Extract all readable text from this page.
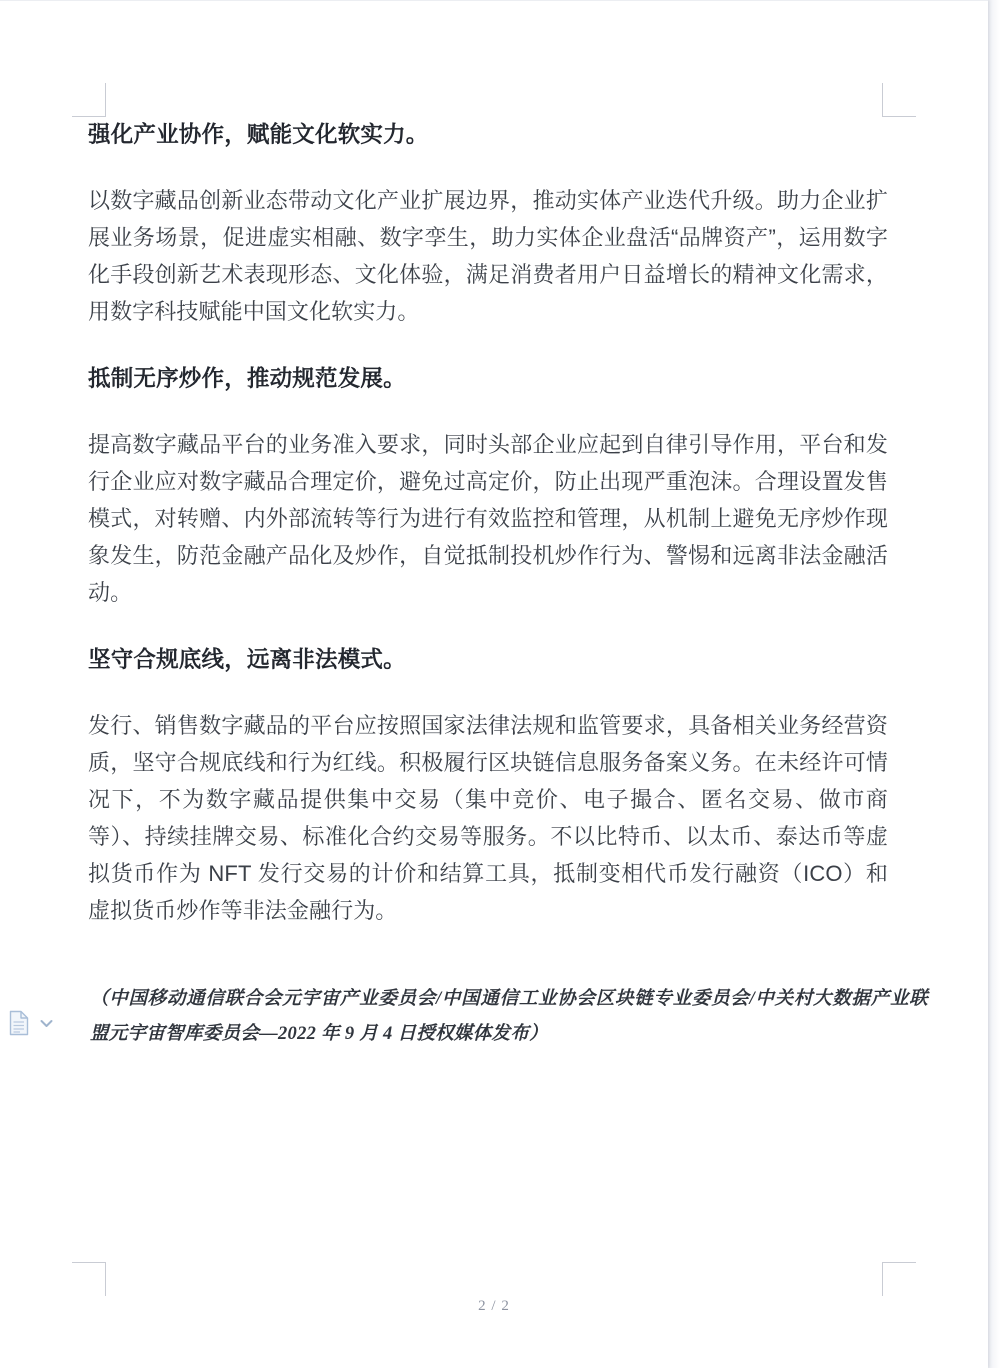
强化产业协作，赋能文化软实力。

以数字藏品创新业态带动文化产业扩展边界，推动实体产业迭代升级。助力企业扩展业务场景，促进虚实相融、数字孪生，助力实体企业盘活“品牌资产”，运用数字化手段创新艺术表现形态、文化体验，满足消费者用户日益增长的精神文化需求，用数字科技赋能中国文化软实力。

抵制无序炒作，推动规范发展。

提高数字藏品平台的业务准入要求，同时头部企业应起到自律引导作用，平台和发行企业应对数字藏品合理定价，避免过高定价，防止出现严重泡沫。合理设置发售模式，对转赠、内外部流转等行为进行有效监控和管理，从机制上避免无序炒作现象发生，防范金融产品化及炒作，自觉抵制投机炒作行为、警惕和远离非法金融活动。

坚守合规底线，远离非法模式。

发行、销售数字藏品的平台应按照国家法律法规和监管要求，具备相关业务经营资质，坚守合规底线和行为红线。积极履行区块链信息服务备案义务。在未经许可情况下，不为数字藏品提供集中交易（集中竞价、电子撮合、匿名交易、做市商等）、持续挂牌交易、标准化合约交易等服务。不以比特币、以太币、泰达币等虚拟货币作为 NFT 发行交易的计价和结算工具，抵制变相代币发行融资（ICO）和虚拟货币炒作等非法金融行为。

（中国移动通信联合会元宇宙产业委员会/中国通信工业协会区块链专业委员会/中关村大数据产业联盟元宇宙智库委员会—2022 年 9 月 4 日授权媒体发布）
2 / 2
